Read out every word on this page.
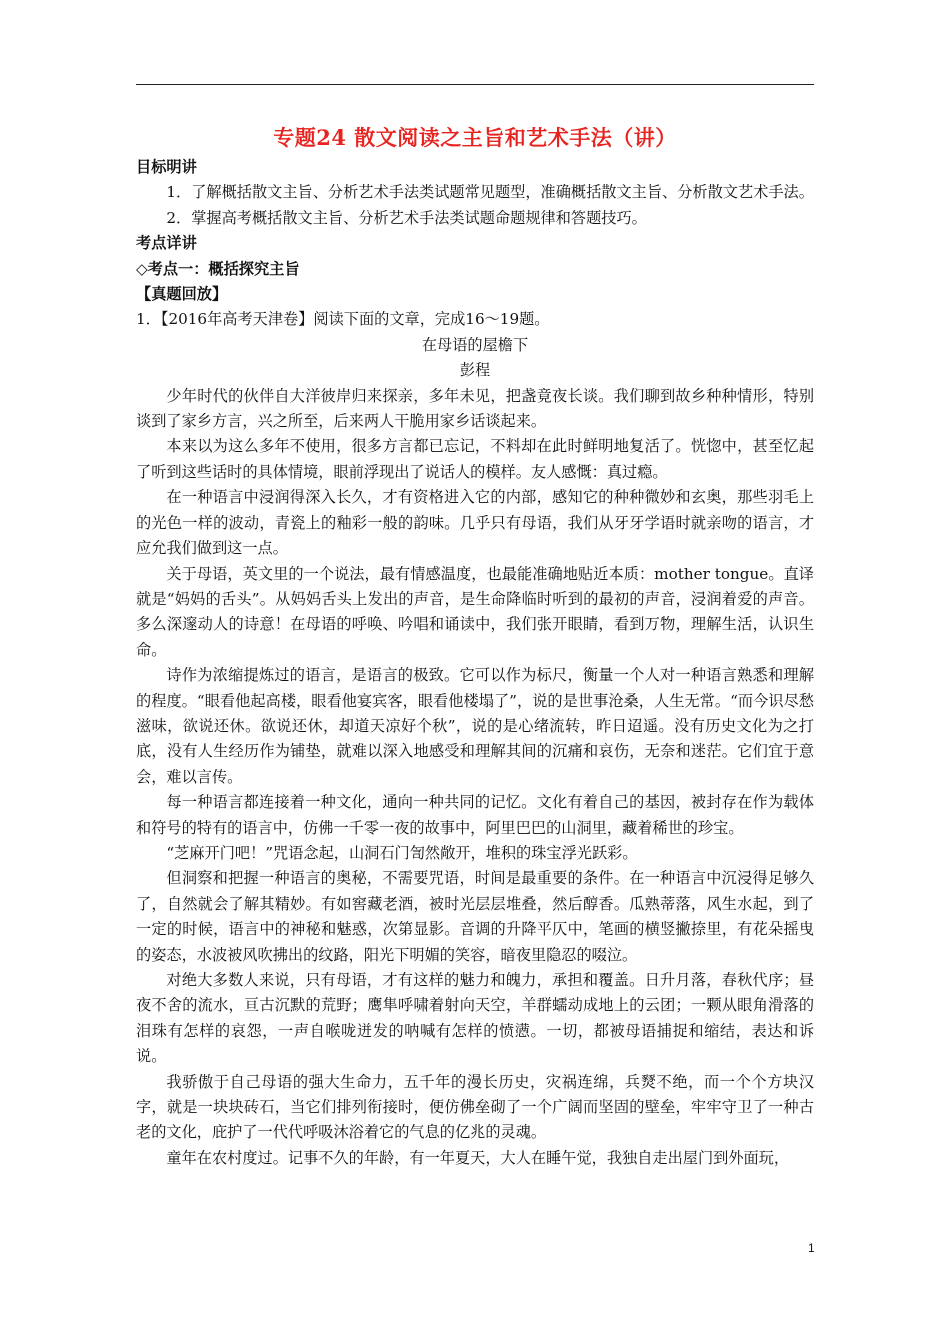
专题24 散文阅读之主旨和艺术手法（讲）

目标明讲

1．了解概括散文主旨、分析艺术手法类试题常见题型，准确概括散文主旨、分析散文艺术手法。

2．掌握高考概括散文主旨、分析艺术手法类试题命题规律和答题技巧。

考点详讲

◇考点一：概括探究主旨

【真题回放】

1．【2016年高考天津卷】阅读下面的文章，完成16～19题。

在母语的屋檐下

彭程

少年时代的伙伴自大洋彼岸归来探亲，多年未见，把盏竟夜长谈。我们聊到故乡种种情形，特别谈到了家乡方言，兴之所至，后来两人干脆用家乡话谈起来。

本来以为这么多年不使用，很多方言都已忘记，不料却在此时鲜明地复活了。恍惚中，甚至忆起了听到这些话时的具体情境，眼前浮现出了说话人的模样。友人感慨：真过瘾。

在一种语言中浸润得深入长久，才有资格进入它的内部，感知它的种种微妙和玄奥，那些羽毛上的光色一样的波动，青瓷上的釉彩一般的韵味。几乎只有母语，我们从牙牙学语时就亲吻的语言，才应允我们做到这一点。

关于母语，英文里的一个说法，最有情感温度，也最能准确地贴近本质：mother tongue。直译就是“妈妈的舌头”。从妈妈舌头上发出的声音，是生命降临时听到的最初的声音，浸润着爱的声音。多么深邃动人的诗意！在母语的呼唤、吟唱和诵读中，我们张开眼睛，看到万物，理解生活，认识生命。

诗作为浓缩提炼过的语言，是语言的极致。它可以作为标尺，衡量一个人对一种语言熟悉和理解的程度。“眼看他起高楼，眼看他宴宾客，眼看他楼塌了”，说的是世事沧桑，人生无常。“而今识尽愁滋味，欲说还休。欲说还休，却道天凉好个秋”，说的是心绪流转，昨日迢遥。没有历史文化为之打底，没有人生经历作为铺垫，就难以深入地感受和理解其间的沉痛和哀伤，无奈和迷茫。它们宜于意会，难以言传。

每一种语言都连接着一种文化，通向一种共同的记忆。文化有着自己的基因，被封存在作为载体和符号的特有的语言中，仿佛一千零一夜的故事中，阿里巴巴的山洞里，藏着稀世的珍宝。

“芝麻开门吧！”咒语念起，山洞石门訇然敞开，堆积的珠宝浮光跃彩。

但洞察和把握一种语言的奥秘，不需要咒语，时间是最重要的条件。在一种语言中沉浸得足够久了，自然就会了解其精妙。有如窖藏老酒，被时光层层堆叠，然后醇香。瓜熟蒂落，风生水起，到了一定的时候，语言中的神秘和魅惑，次第显影。音调的升降平仄中，笔画的横竖撇捺里，有花朵摇曳的姿态，水波被风吹拂出的纹路，阳光下明媚的笑容，暗夜里隐忍的啜泣。

对绝大多数人来说，只有母语，才有这样的魅力和魄力，承担和覆盖。日升月落，春秋代序；昼夜不舍的流水，亘古沉默的荒野；鹰隼呼啸着射向天空，羊群蠕动成地上的云团；一颗从眼角滑落的泪珠有怎样的哀怨，一声自喉咙迸发的呐喊有怎样的愤懑。一切，都被母语捕捉和缩结，表达和诉说。

我骄傲于自己母语的强大生命力，五千年的漫长历史，灾祸连绵，兵燹不绝，而一个个方块汉字，就是一块块砖石，当它们排列衔接时，便仿佛垒砌了一个广阔而坚固的壁垒，牢牢守卫了一种古老的文化，庇护了一代代呼吸沐浴着它的气息的亿兆的灵魂。

童年在农村度过。记事不久的年龄，有一年夏天，大人在睡午觉，我独自走出屋门到外面玩，

1
